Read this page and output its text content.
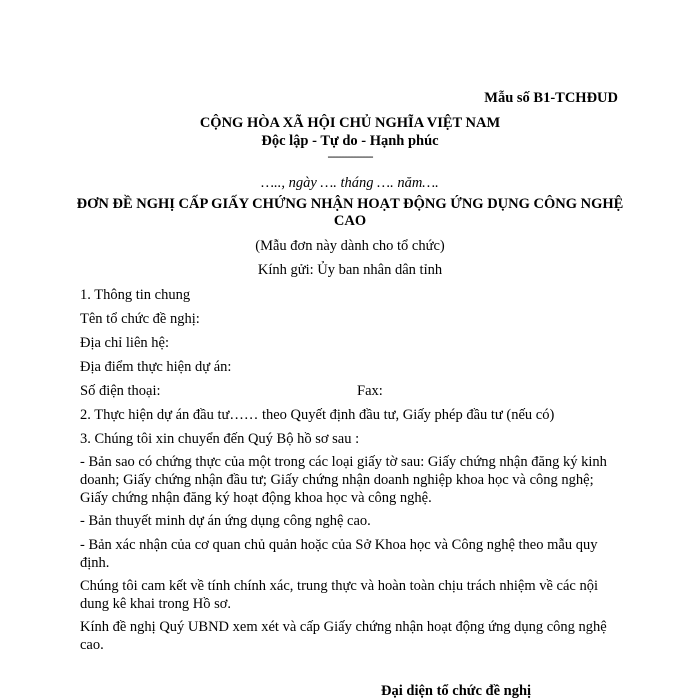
Mẫu số B1-TCHĐUD
CỘNG HÒA XÃ HỘI CHỦ NGHĨA VIỆT NAM
Độc lập - Tự do - Hạnh phúc
---------------
….., ngày …. tháng …. năm….
ĐƠN ĐỀ NGHỊ CẤP GIẤY CHỨNG NHẬN HOẠT ĐỘNG ỨNG DỤNG CÔNG NGHỆ CAO
(Mẫu đơn này dành cho tổ chức)
Kính gửi: Ủy ban nhân dân tỉnh
1. Thông tin chung
Tên tổ chức đề nghị:
Địa chỉ liên hệ:
Địa điểm thực hiện dự án:
Số điện thoại:	Fax:
2. Thực hiện dự án đầu tư…… theo Quyết định đầu tư, Giấy phép đầu tư (nếu có)
3. Chúng tôi xin chuyển đến Quý Bộ hồ sơ sau :
- Bản sao có chứng thực của một trong các loại giấy tờ sau: Giấy chứng nhận đăng ký kinh doanh; Giấy chứng nhận đầu tư; Giấy chứng nhận doanh nghiệp khoa học và công nghệ; Giấy chứng nhận đăng ký hoạt động khoa học và công nghệ.
- Bản thuyết minh dự án ứng dụng công nghệ cao.
- Bản xác nhận của cơ quan chủ quản hoặc của Sở Khoa học và Công nghệ theo mẫu quy định.
Chúng tôi cam kết về tính chính xác, trung thực và hoàn toàn chịu trách nhiệm về các nội dung kê khai trong Hồ sơ.
Kính đề nghị Quý UBND xem xét và cấp Giấy chứng nhận hoạt động ứng dụng công nghệ cao.
Đại diện tổ chức đề nghị
